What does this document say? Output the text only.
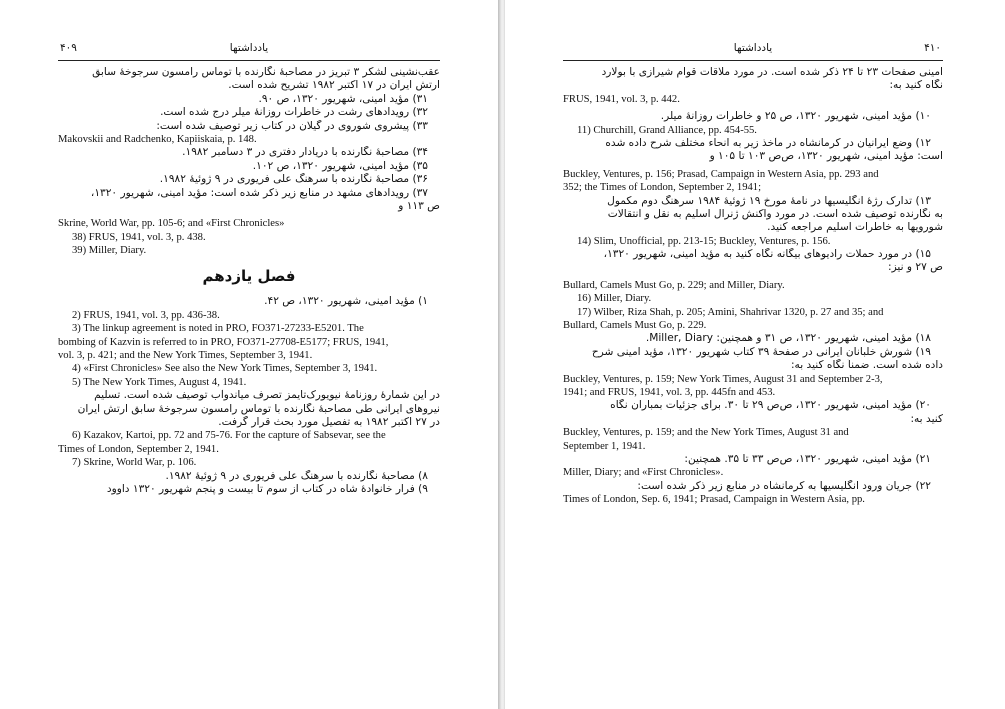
۴۰۹	یادداشتها
عقب‌نشینی لشکر ۳ تبریز در مصاحبهٔ نگارنده با توماس رامسون سرجوخهٔ سابق
ارتش ایران در ۱۷ اکتبر ۱۹۸۲ تشریح شده است.
۳۱) مؤید امینی، شهریور ۱۳۲۰، ص ۹۰.
۳۲) رویدادهای رشت در خاطرات روزانهٔ میلر درج شده است.
۳۳) پیشروی شوروی در گیلان در کتاب زیر توصیف شده است:
Makovskii and Radchenko, Kapiiskaia, p. 148.
۳۴) مصاحبهٔ نگارنده با دریادار دفتری در ۳ دسامبر ۱۹۸۲.
۳۵) مؤید امینی، شهریور ۱۳۲۰، ص ۱۰۲.
۳۶) مصاحبهٔ نگارنده با سرهنگ علی فریوری در ۹ ژوئیهٔ ۱۹۸۲.
۳۷) رویدادهای مشهد در منابع زیر ذکر شده است: مؤید امینی، شهریور ۱۳۲۰،
ص ۱۱۳ و
Skrine, World War, pp. 105-6; and «First Chronicles»
38) FRUS, 1941, vol. 3, p. 438.
39) Miller, Diary.
فصل یازدهم
۱) مؤید امینی، شهریور ۱۳۲۰، ص ۴۲.
2) FRUS, 1941, vol. 3, pp. 436-38.
3) The linkup agreement is noted in PRO, FO371-27233-E5201. The
bombing of Kazvin is referred to in PRO, FO371-27708-E5177; FRUS, 1941,
vol. 3, p. 421; and the New York Times, September 3, 1941.
4) «First Chronicles» See also the New York Times, September 3, 1941.
5) The New York Times, August 4, 1941.
در این شمارهٔ روزنامهٔ نیویورک‌تایمز تصرف میاندوآب توصیف شده است. تسلیم
نیروهای ایرانی طی مصاحبهٔ نگارنده با توماس رامسون سرجوخهٔ سابق ارتش ایران
در ۲۷ اکتبر ۱۹۸۲ به تفصیل مورد بحث قرار گرفت.
6) Kazakov, Kartoi, pp. 72 and 75-76. For the capture of Sabsevar, see the
Times of London, September 2, 1941.
7) Skrine, World War, p. 106.
۸) مصاحبهٔ نگارنده با سرهنگ علی فریوری در ۹ ژوئیهٔ ۱۹۸۲.
۹) فرار خانوادهٔ شاه در کتاب از سوم تا بیست و پنجم شهریور ۱۳۲۰ داوود
۴۱۰
یادداشتها
امینی صفحات ۲۳ تا ۲۴ ذکر شده است. در مورد ملاقات قوام شیرازی با بولارد
نگاه کنید به:
FRUS, 1941, vol. 3, p. 442.
۱۰) مؤید امینی، شهریور ۱۳۲۰، ص ۲۵ و خاطرات روزانهٔ میلر.
11) Churchill, Grand Alliance, pp. 454-55.
۱۲) وضع ایرانیان در کرمانشاه در مآخذ زیر به انحاء مختلف شرح داده شده
است: مؤید امینی، شهریور ۱۳۲۰، ص‌ص ۱۰۳ تا ۱۰۵ و
Buckley, Ventures, p. 156; Prasad, Campaign in Western Asia, pp. 293 and
352; the Times of London, September 2, 1941;
۱۳) تدارک رژهٔ انگلیسیها در نامهٔ مورخ ۱۹ ژوئیهٔ ۱۹۸۴ سرهنگ دوم مکمول
به نگارنده توصیف شده است. در مورد واکنش ژنرال اسلیم به نقل و انتقالات
شورویها به خاطرات اسلیم مراجعه کنید.
14) Slim, Unofficial, pp. 213-15; Buckley, Ventures, p. 156.
۱۵) در مورد حملات رادیوهای بیگانه نگاه کنید به مؤید امینی، شهریور ۱۳۲۰،
ص ۲۷ و نیز:
Bullard, Camels Must Go, p. 229; and Miller, Diary.
16) Miller, Diary.
17) Wilber, Riza Shah, p. 205; Amini, Shahrivar 1320, p. 27 and 35; and
Bullard, Camels Must Go, p. 229.
۱۸) مؤید امینی، شهریور ۱۳۲۰، ص ۳۱ و همچنین: Miller, Diary.
۱۹) شورش خلبانان ایرانی در صفحهٔ ۳۹ کتاب شهریور ۱۳۲۰، مؤید امینی شرح
داده شده است. ضمناً نگاه کنید به:
Buckley, Ventures, p. 159; New York Times, August 31 and September 2-3,
1941; and FRUS, 1941, vol. 3, pp. 445fn and 453.
۲۰) مؤید امینی، شهریور ۱۳۲۰، ص‌ص ۲۹ تا ۳۰. برای جزئیات بمباران نگاه
کنید به:
Buckley, Ventures, p. 159; and the New York Times, August 31 and
September 1, 1941.
۲۱) مؤید امینی، شهریور ۱۳۲۰، ص‌ص ۳۳ تا ۳۵. همچنین:
Miller, Diary; and «First Chronicles».
۲۲) جریان ورود انگلیسیها به کرمانشاه در منابع زیر ذکر شده است:
Times of London, Sep. 6, 1941; Prasad, Campaign in Western Asia, pp.
